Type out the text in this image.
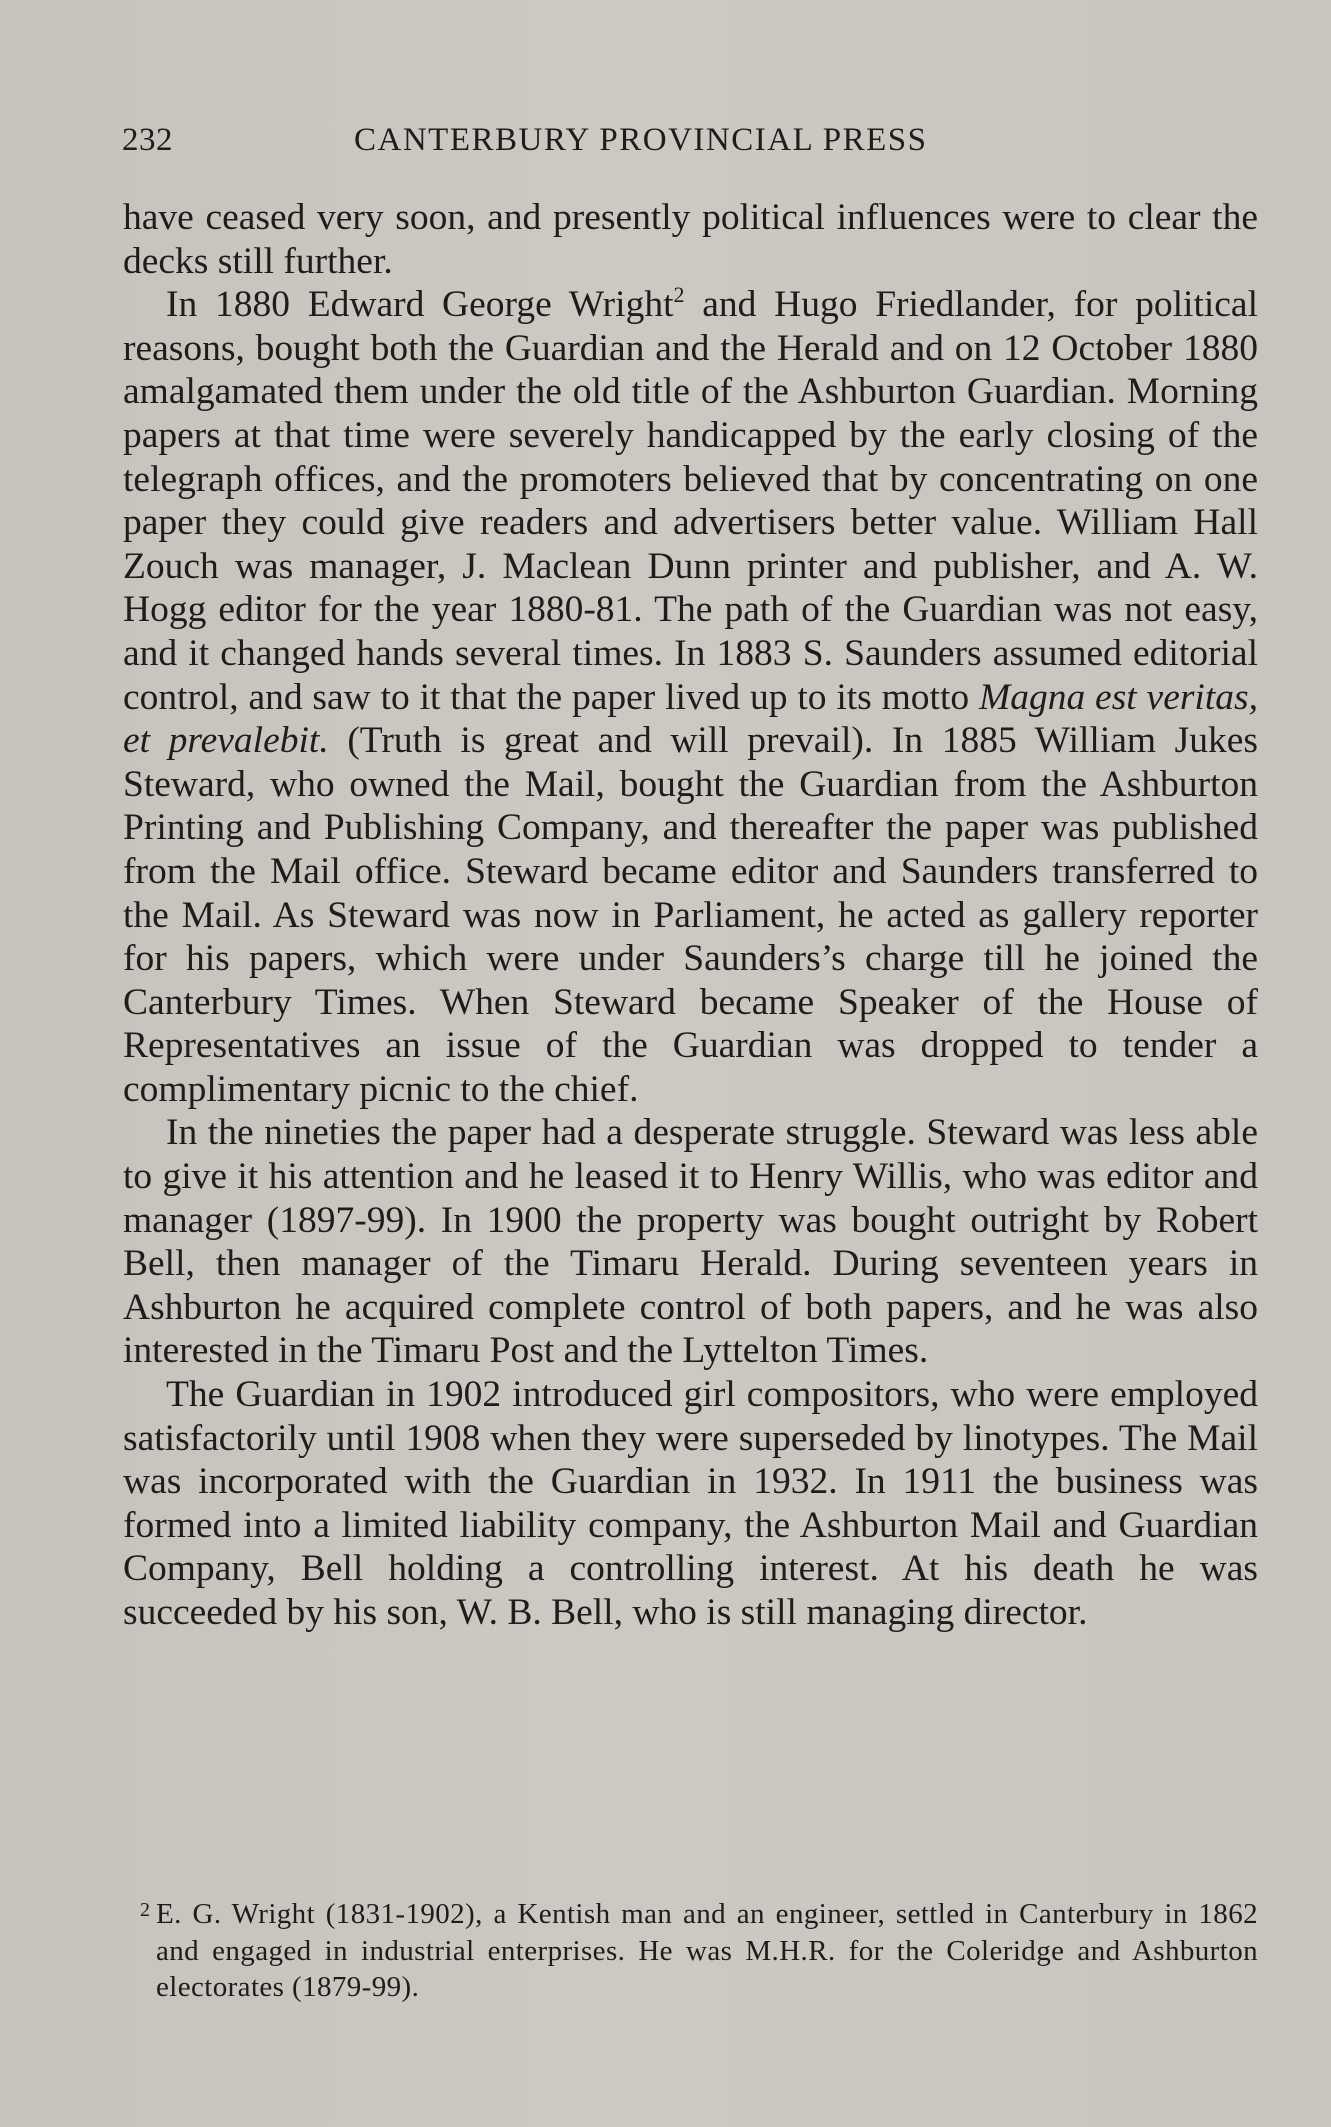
232	CANTERBURY PROVINCIAL PRESS

have ceased very soon, and presently political influences were to clear the decks still further.

In 1880 Edward George Wright$^2$ and Hugo Friedlander, for political reasons, bought both the Guardian and the Herald and on 12 October 1880 amalgamated them under the old title of the Ashburton Guardian. Morning papers at that time were severely handicapped by the early closing of the telegraph offices, and the promoters believed that by concentrating on one paper they could give readers and advertisers better value. William Hall Zouch was manager, J. Maclean Dunn printer and publisher, and A. W. Hogg editor for the year 1880-81. The path of the Guardian was not easy, and it changed hands several times. In 1883 S. Saunders assumed editorial control, and saw to it that the paper lived up to its motto Magna est veritas, et prevalebit. (Truth is great and will prevail). In 1885 William Jukes Steward, who owned the Mail, bought the Guardian from the Ashburton Printing and Publishing Company, and thereafter the paper was published from the Mail office. Steward became editor and Saunders transferred to the Mail. As Steward was now in Parliament, he acted as gallery reporter for his papers, which were under Saunders’s charge till he joined the Canterbury Times. When Steward became Speaker of the House of Representatives an issue of the Guardian was dropped to tender a complimentary picnic to the chief.

In the nineties the paper had a desperate struggle. Steward was less able to give it his attention and he leased it to Henry Willis, who was editor and manager (1897-99). In 1900 the property was bought outright by Robert Bell, then manager of the Timaru Herald. During seventeen years in Ashburton he acquired complete control of both papers, and he was also interested in the Timaru Post and the Lyttelton Times.

The Guardian in 1902 introduced girl compositors, who were employed satisfactorily until 1908 when they were superseded by linotypes. The Mail was incorporated with the Guardian in 1932. In 1911 the business was formed into a limited liability company, the Ashburton Mail and Guardian Company, Bell holding a controlling interest. At his death he was succeeded by his son, W. B. Bell, who is still managing director.

2 E. G. Wright (1831-1902), a Kentish man and an engineer, settled in Canterbury in 1862 and engaged in industrial enterprises. He was M.H.R. for the Coleridge and Ashburton electorates (1879-99).
